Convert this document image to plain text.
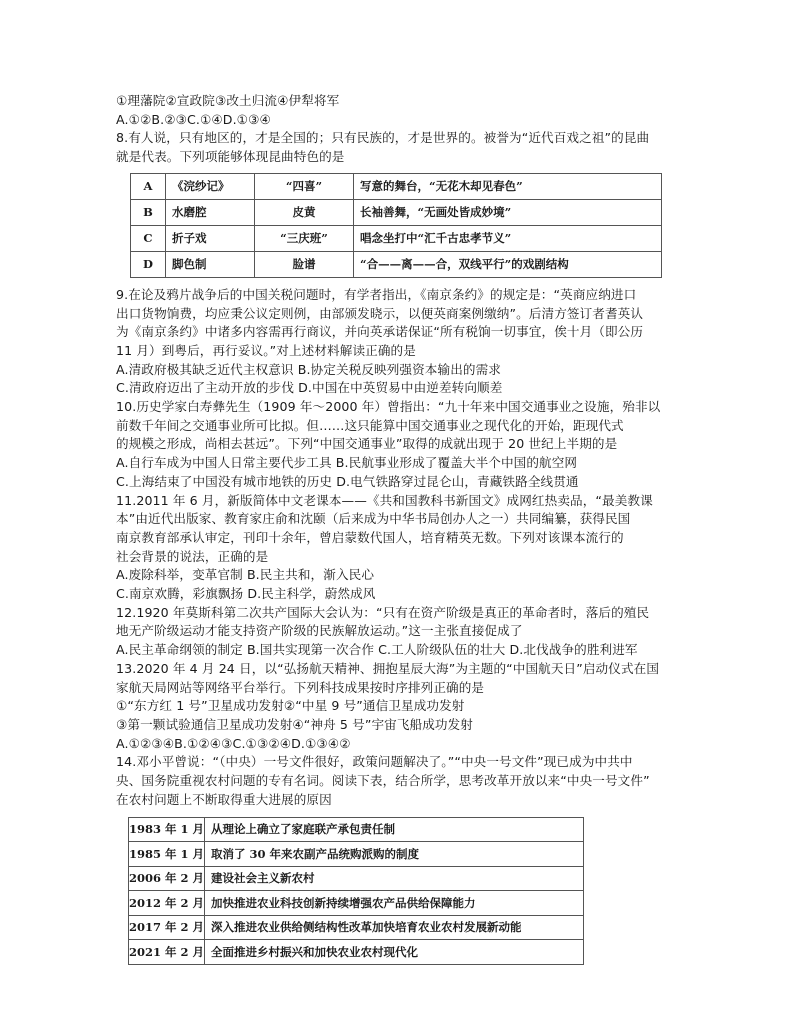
①理藩院②宣政院③改土归流④伊犁将军
A.①②B.②③C.①④D.①③④
8.有人说，只有地区的，才是全国的；只有民族的，才是世界的。被誉为“近代百戏之祖”的昆曲
就是代表。下列项能够体现昆曲特色的是
A	《浣纱记》	“四喜”	写意的舞台，“无花木却见春色”
B	水磨腔	皮黄	长袖善舞，“无画处皆成妙境”
C	折子戏	“三庆班”	唱念坐打中“汇千古忠孝节义”
D	脚色制	脸谱	“合——离——合，双线平行”的戏剧结构
9.在论及鸦片战争后的中国关税问题时，有学者指出，《南京条约》的规定是：“英商应纳进口
出口货物饷费，均应秉公议定则例，由部颁发晓示，以便英商案例缴纳”。后清方签订者耆英认
为《南京条约》中诸多内容需再行商议，并向英承诺保证“所有税饷一切事宜，俟十月（即公历
11 月）到粤后，再行妥议。”对上述材料解读正确的是
A.清政府极其缺乏近代主权意识 B.协定关税反映列强资本输出的需求
C.清政府迈出了主动开放的步伐 D.中国在中英贸易中由逆差转向顺差
10.历史学家白寿彝先生（1909 年～2000 年）曾指出：“九十年来中国交通事业之设施，殆非以
前数千年间之交通事业所可比拟。但……这只能算中国交通事业之现代化的开始，距现代式
的规模之形成，尚相去甚远”。下列“中国交通事业”取得的成就出现于 20 世纪上半期的是
A.自行车成为中国人日常主要代步工具 B.民航事业形成了覆盖大半个中国的航空网
C.上海结束了中国没有城市地铁的历史 D.电气铁路穿过昆仑山，青藏铁路全线贯通
11.2011 年 6 月，新版简体中文老课本——《共和国教科书新国文》成网红热卖品，“最美教课
本”由近代出版家、教育家庄俞和沈颐（后来成为中华书局创办人之一）共同编纂，获得民国
南京教育部承认审定，刊印十余年，曾启蒙数代国人，培育精英无数。下列对该课本流行的
社会背景的说法，正确的是
A.废除科举，变革官制 B.民主共和，渐入民心
C.南京欢腾，彩旗飘扬 D.民主科学，蔚然成风
12.1920 年莫斯科第二次共产国际大会认为：“只有在资产阶级是真正的革命者时，落后的殖民
地无产阶级运动才能支持资产阶级的民族解放运动。”这一主张直接促成了
A.民主革命纲领的制定 B.国共实现第一次合作 C.工人阶级队伍的壮大 D.北伐战争的胜利进军
13.2020 年 4 月 24 日，以“弘扬航天精神、拥抱星辰大海”为主题的“中国航天日”启动仪式在国
家航天局网站等网络平台举行。下列科技成果按时序排列正确的是
①“东方红 1 号”卫星成功发射②“中星 9 号”通信卫星成功发射
③第一颗试验通信卫星成功发射④“神舟 5 号”宇宙飞船成功发射
A.①②③④B.①②④③C.①③②④D.①③④②
14.邓小平曾说：“（中央）一号文件很好，政策问题解决了。”“中央一号文件”现已成为中共中
央、国务院重视农村问题的专有名词。阅读下表，结合所学，思考改革开放以来“中央一号文件”
在农村问题上不断取得重大进展的原因
1983 年 1 月	从理论上确立了家庭联产承包责任制
1985 年 1 月	取消了 30 年来农副产品统购派购的制度
2006 年 2 月	建设社会主义新农村
2012 年 2 月	加快推进农业科技创新持续增强农产品供给保障能力
2017 年 2 月	深入推进农业供给侧结构性改革加快培育农业农村发展新动能
2021 年 2 月	全面推进乡村振兴和加快农业农村现代化
